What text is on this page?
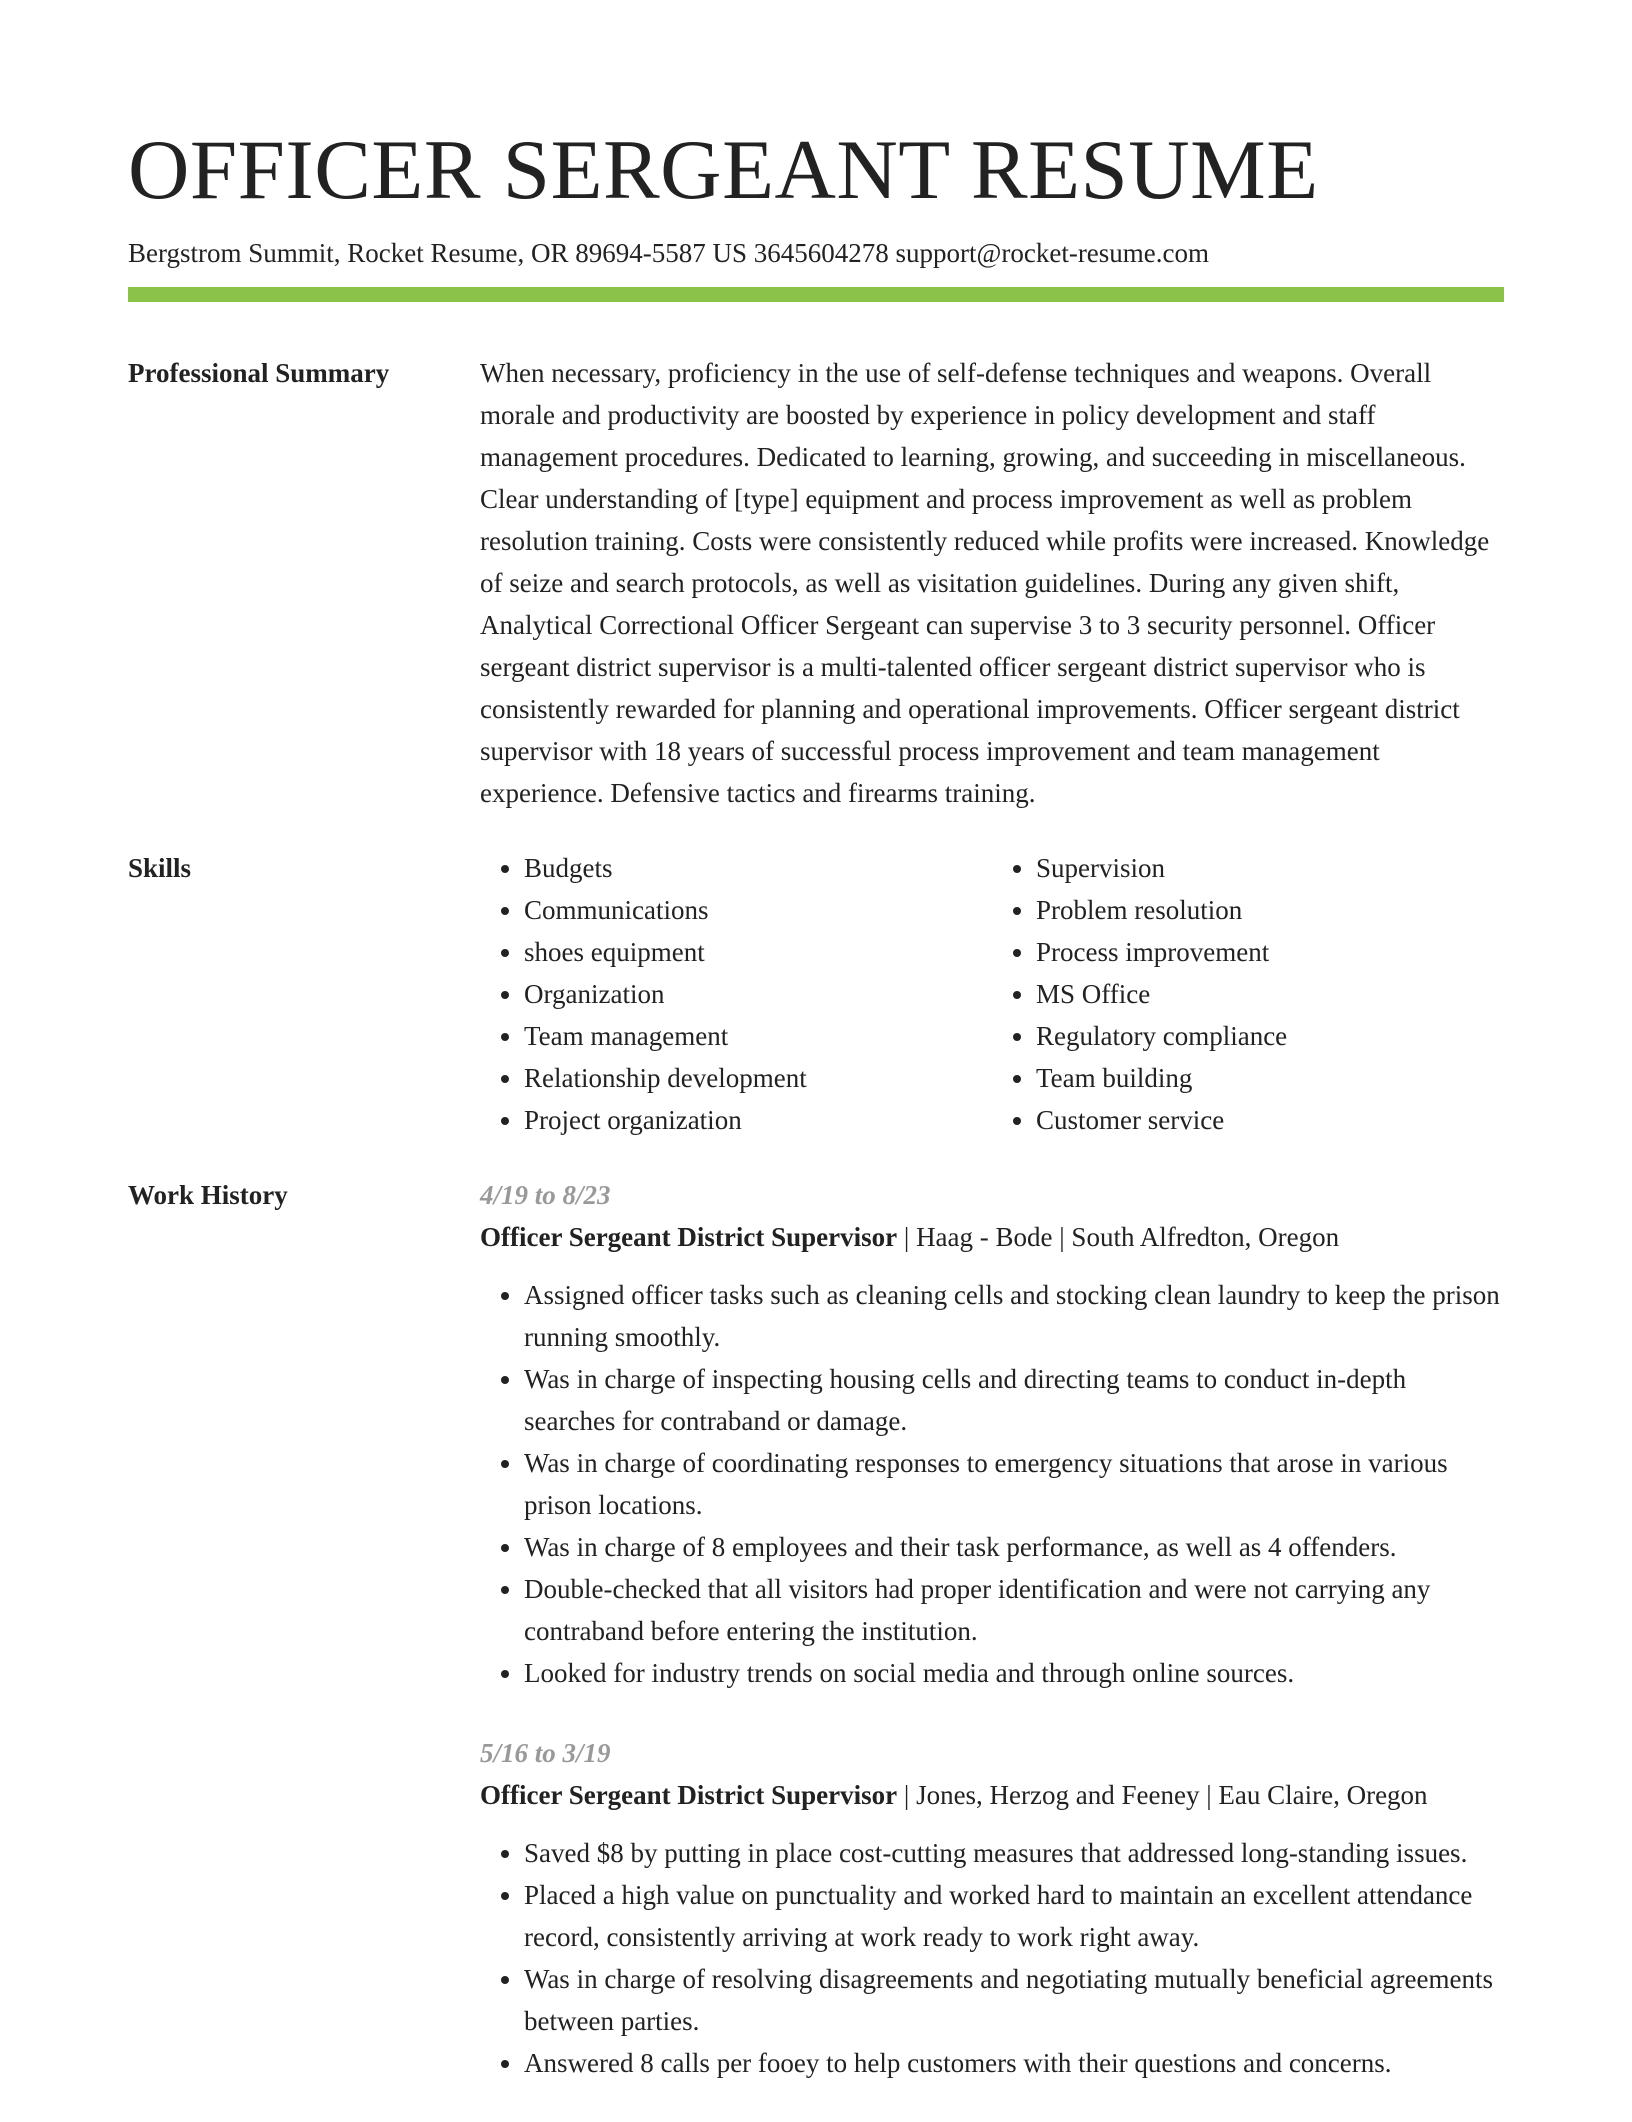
OFFICER SERGEANT RESUME
Bergstrom Summit, Rocket Resume, OR 89694-5587 US 3645604278 support@rocket-resume.com
Professional Summary	When necessary, proficiency in the use of self-defense techniques and weapons. Overall morale and productivity are boosted by experience in policy development and staff management procedures. Dedicated to learning, growing, and succeeding in miscellaneous. Clear understanding of [type] equipment and process improvement as well as problem resolution training. Costs were consistently reduced while profits were increased. Knowledge of seize and search protocols, as well as visitation guidelines. During any given shift, Analytical Correctional Officer Sergeant can supervise 3 to 3 security personnel. Officer sergeant district supervisor is a multi-talented officer sergeant district supervisor who is consistently rewarded for planning and operational improvements. Officer sergeant district supervisor with 18 years of successful process improvement and team management experience. Defensive tactics and firearms training.

Skills
•	Budgets
• Communications
• shoes equipment
• Organization
• Team management
• Relationship development
• Project organization
• Supervision
• Problem resolution
• Process improvement
• MS Office
• Regulatory compliance
• Team building
• Customer service
Work History	4/19 to 8/23
Officer Sergeant District Supervisor | Haag - Bode | South Alfredton, Oregon
• Assigned officer tasks such as cleaning cells and stocking clean laundry to keep the prison running smoothly.
• Was in charge of inspecting housing cells and directing teams to conduct in-depth searches for contraband or damage.
• Was in charge of coordinating responses to emergency situations that arose in various prison locations.
• Was in charge of 8 employees and their task performance, as well as 4 offenders.
• Double-checked that all visitors had proper identification and were not carrying any contraband before entering the institution.
• Looked for industry trends on social media and through online sources.
5/16 to 3/19
Officer Sergeant District Supervisor | Jones, Herzog and Feeney | Eau Claire, Oregon
• Saved $8 by putting in place cost-cutting measures that addressed long-standing issues.
• Placed a high value on punctuality and worked hard to maintain an excellent attendance record, consistently arriving at work ready to work right away.
• Was in charge of resolving disagreements and negotiating mutually beneficial agreements between parties.
• Answered 8 calls per fooey to help customers with their questions and concerns.
